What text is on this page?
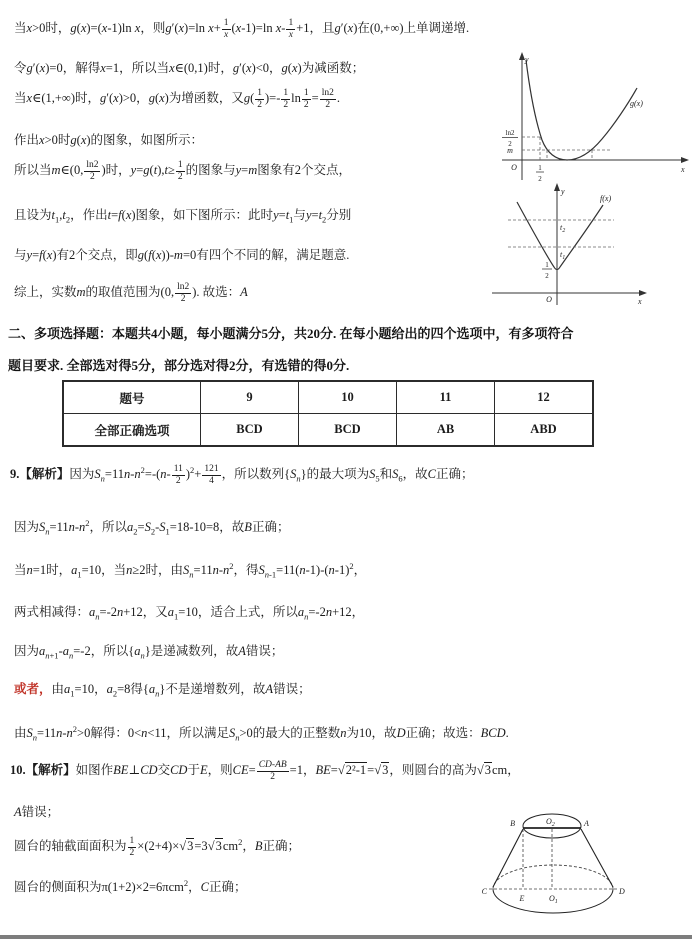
当x>0时，g(x)=(x-1)ln x，则g′(x)=ln $x+ \frac{1}{x} (x-1)=\ln$ $x- \frac{1}{x} +1$，且g′(x)在(0,+∞)上单调递增.
令g′(x)=0，解得x=1，所以当x∈(0,1)时，g′(x)<0，g(x)为减函数；
当x∈(1,+∞)时，g′(x)>0，g(x)为增函数，又$g( \frac{1}{2}$ )=- $\frac{1}{2}$ $\ln \frac{1}{2} = \frac{\ln 2}{2}$ .
作出x>0时g(x)的图象，如图所示：
所以当m∈(0, $\frac{\ln 2}{2}$ )时，$y=g(t),t\ge \frac{1}{2}$ 的图象与y=m图象有2个交点，
且设为$t_1,t_2$，作出t=f(x)图象，如下图所示：此时$y=t_1$与$y=t_2$分别
与y=f(x)有2个交点，即g(f(x))-m=0有四个不同的解，满足题意.
综上，实数m的取值范围为(0, $\frac{\ln 2}{2}$ ). 故选：A
二、多项选择题：本题共4小题，每小题满分5分，共20分. 在每小题给出的四个选项中，有多项符合
题目要求. 全部选对得5分，部分选对得2分，有选错的得0分.
9.【解析】因为$S_n=11n-n^2=-(n- \frac{11}{2} )^2+ \frac{121}{4}$ ，所以数列$\{S_n\}$的最大项为$S_5$和$S_6$，故C正确；
因为$S_n=11n-n^2$，所以$a_2=S_2-S_1=18-10=8$，故B正确；
当n=1时，$a_1=10$，当n≥2时，由$S_n=11n-n^2$，得$S_{n-1}=11(n-1)-(n-1)^2$，
两式相减得：$a_n=-2n+12$，又$a_1=10$，适合上式，所以$a_n=-2n+12$，
因为$a_{n+1}-a_n=-2$，所以$\{a_n\}$是递减数列，故A错误；
或者，由$a_1=10$，$a_2=8$得$\{a_n\}$不是递增数列，故A错误；
由$S_n=11n-n^2>0$解得：0<n<11，所以满足$S_n>0$的最大的正整数n为10，故D正确；故选：BCD.
10.【解析】如图作BE⊥CD交CD于E，则$CE= \frac{CD-AB}{2} =1$，BE=√2²-1=√3，则圆台的高为√3cm，
A错误；
圆台的轴截面面积为 $\frac{1}{2} \times(2+4)\times√3=3√3cm^2$，B正确；
圆台的侧面积为π(1+2)×2=6πcm$^2$，C正确；
题号	9	10	11	12
全部正确选项	BCD	BCD	AB	ABD
ln2
2
m
1
2
O	x
y
g(x)
$t_2$
$t_1$
1
2
O	x
y
f(x)
B	A
$O_2$
C	D
E	$O_1$
